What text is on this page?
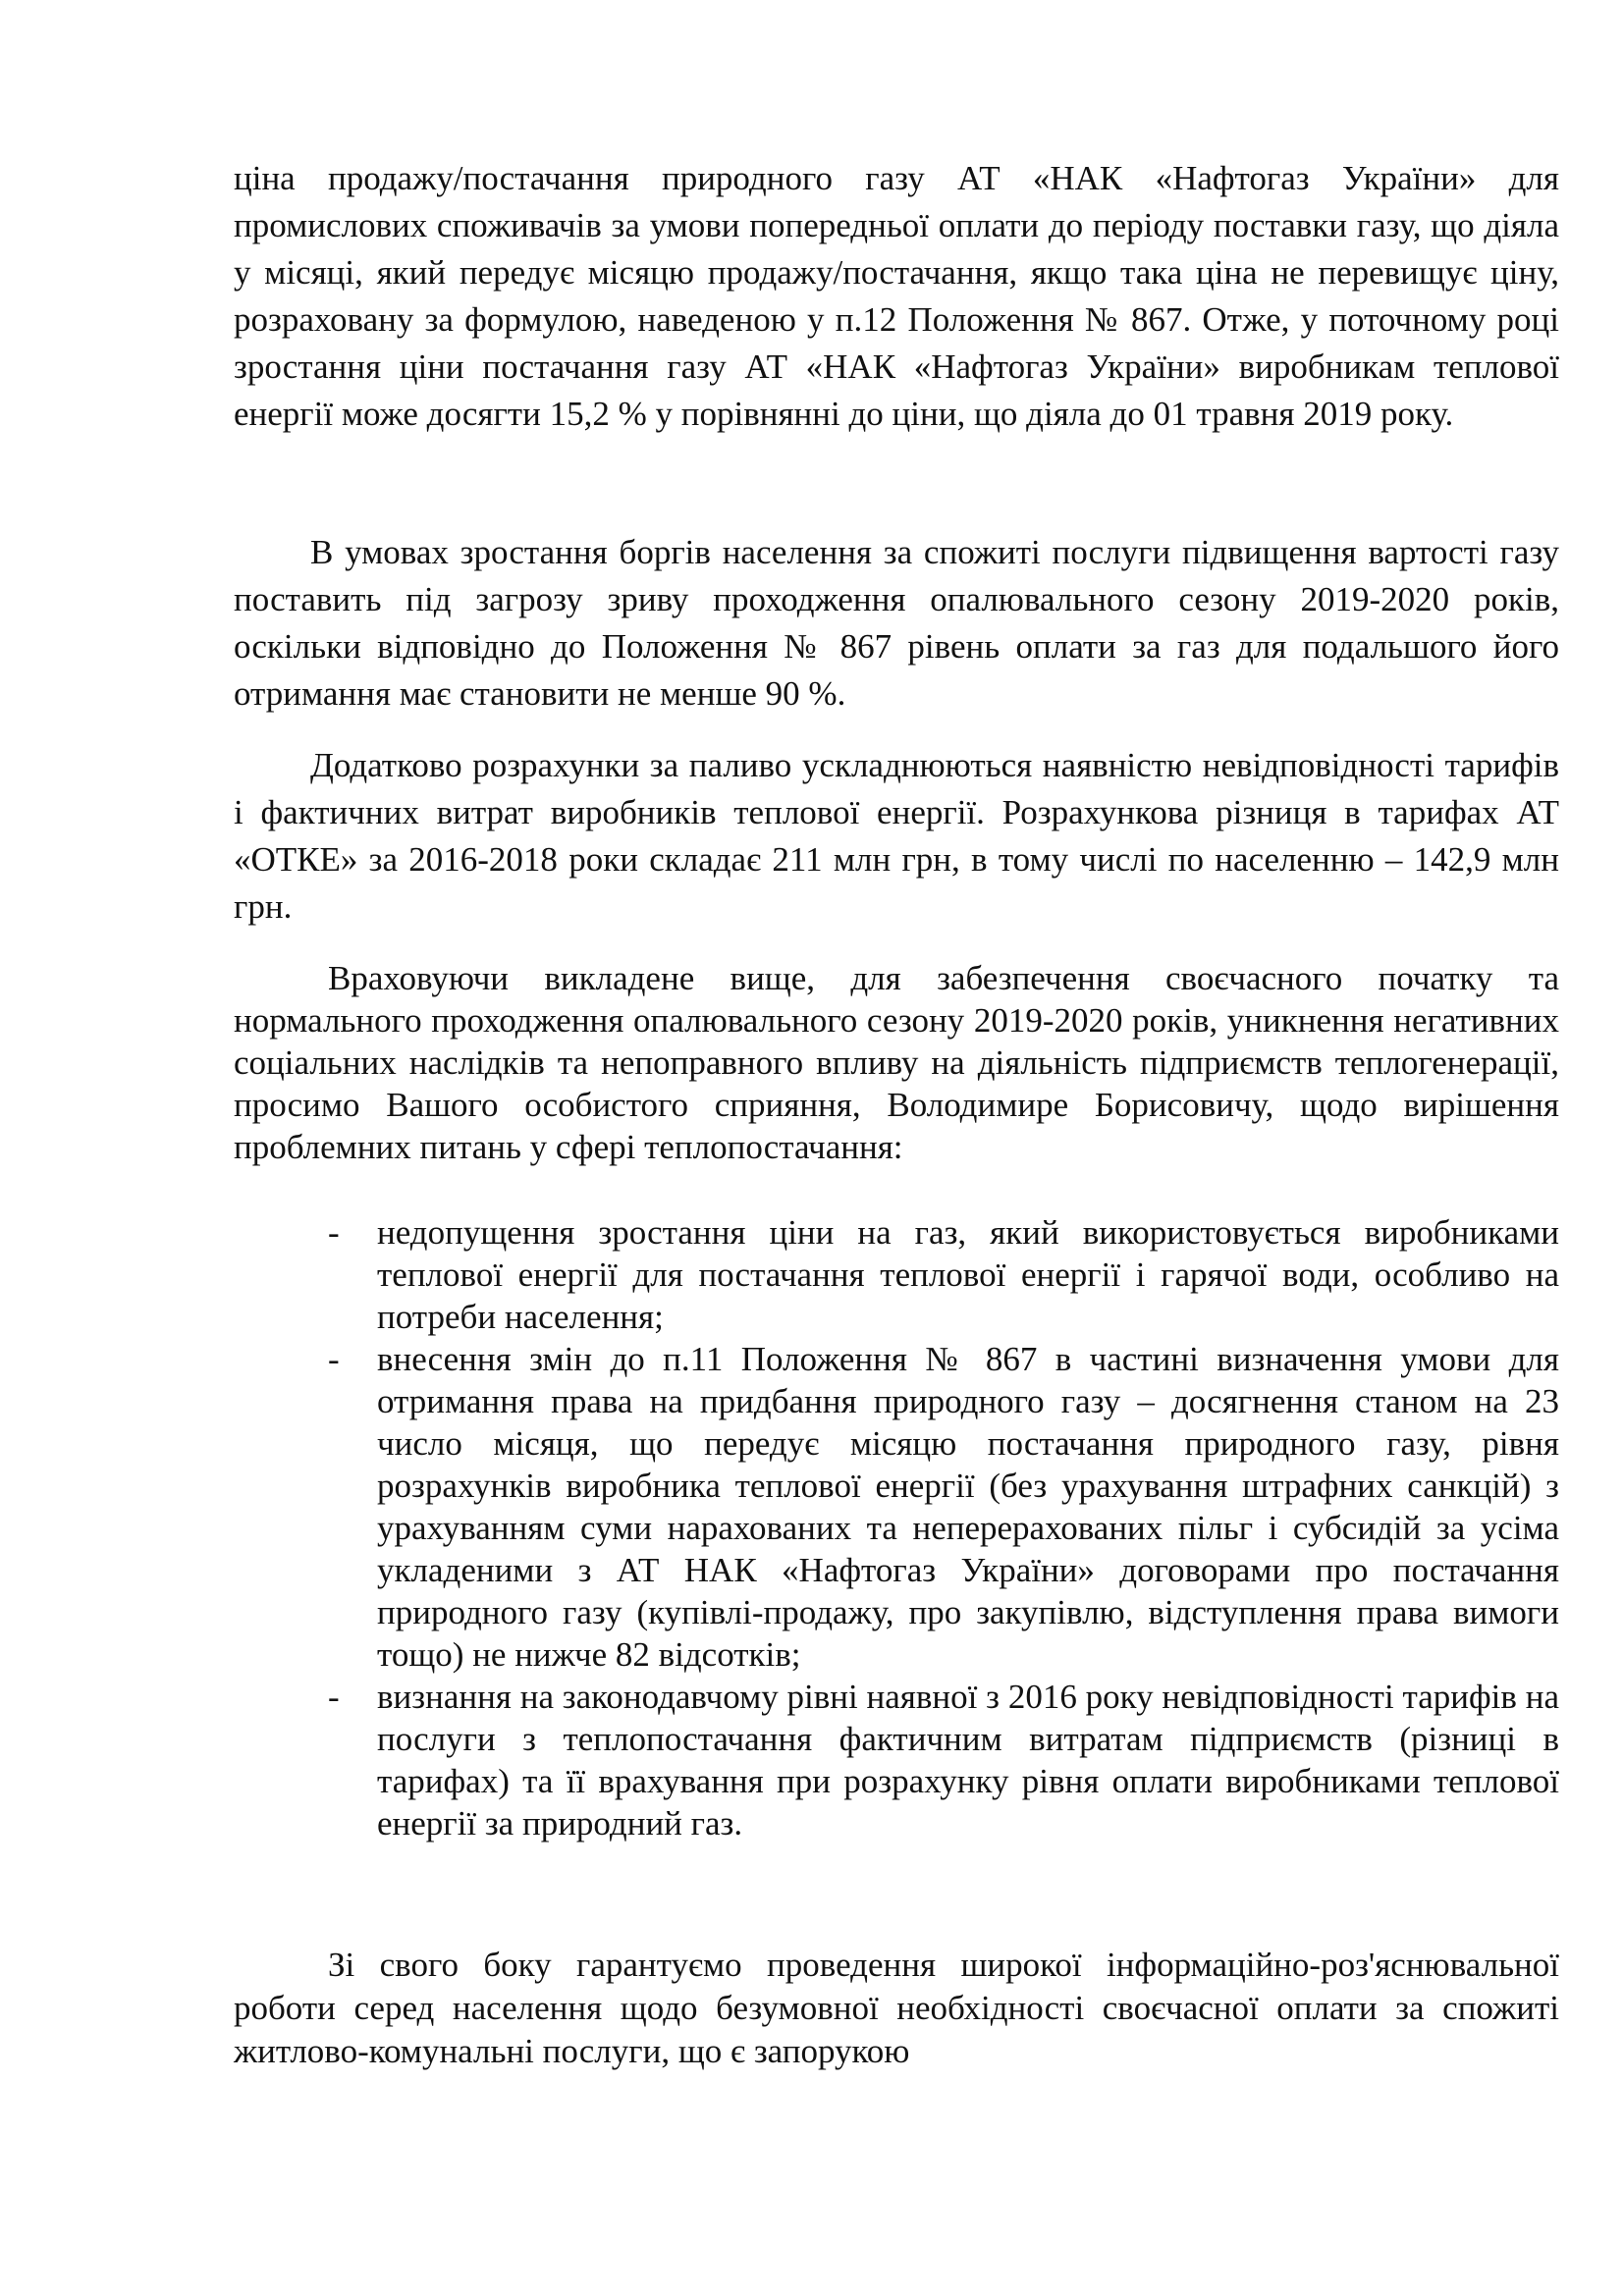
ціна продажу/постачання природного газу АТ «НАК «Нафтогаз України» для промислових споживачів за умови попередньої оплати до періоду поставки газу, що діяла у місяці, який передує місяцю продажу/постачання, якщо така ціна не перевищує ціну, розраховану за формулою, наведеною у п.12 Положення № 867. Отже, у поточному році зростання ціни постачання газу АТ «НАК «Нафтогаз України» виробникам теплової енергії може досягти 15,2 % у порівнянні до ціни, що діяла до 01 травня 2019 року.

В умовах зростання боргів населення за спожиті послуги підвищення вартості газу поставить під загрозу зриву проходження опалювального сезону 2019-2020 років, оскільки відповідно до Положення № 867 рівень оплати за газ для подальшого його отримання має становити не менше 90 %.

Додатково розрахунки за паливо ускладнюються наявністю невідповідності тарифів і фактичних витрат виробників теплової енергії. Розрахункова різниця в тарифах АТ «ОТКЕ» за 2016-2018 роки складає 211 млн грн, в тому числі по населенню – 142,9 млн грн.

Враховуючи викладене вище, для забезпечення своєчасного початку та нормального проходження опалювального сезону 2019-2020 років, уникнення негативних соціальних наслідків та непоправного впливу на діяльність підприємств теплогенерації, просимо Вашого особистого сприяння, Володимире Борисовичу, щодо вирішення проблемних питань у сфері теплопостачання:

- недопущення зростання ціни на газ, який використовується виробниками теплової енергії для постачання теплової енергії і гарячої води, особливо на потреби населення;
- внесення змін до п.11 Положення № 867 в частині визначення умови для отримання права на придбання природного газу – досягнення станом на 23 число місяця, що передує місяцю постачання природного газу, рівня розрахунків виробника теплової енергії (без урахування штрафних санкцій) з урахуванням суми нарахованих та неперерахованих пільг і субсидій за усіма укладеними з АТ НАК «Нафтогаз України» договорами про постачання природного газу (купівлі-продажу, про закупівлю, відступлення права вимоги тощо) не нижче 82 відсотків;
- визнання на законодавчому рівні наявної з 2016 року невідповідності тарифів на послуги з теплопостачання фактичним витратам підприємств (різниці в тарифах) та її врахування при розрахунку рівня оплати виробниками теплової енергії за природний газ.

Зі свого боку гарантуємо проведення широкої інформаційно-роз'яснювальної роботи серед населення щодо безумовної необхідності своєчасної оплати за спожиті житлово-комунальні послуги, що є запорукою
